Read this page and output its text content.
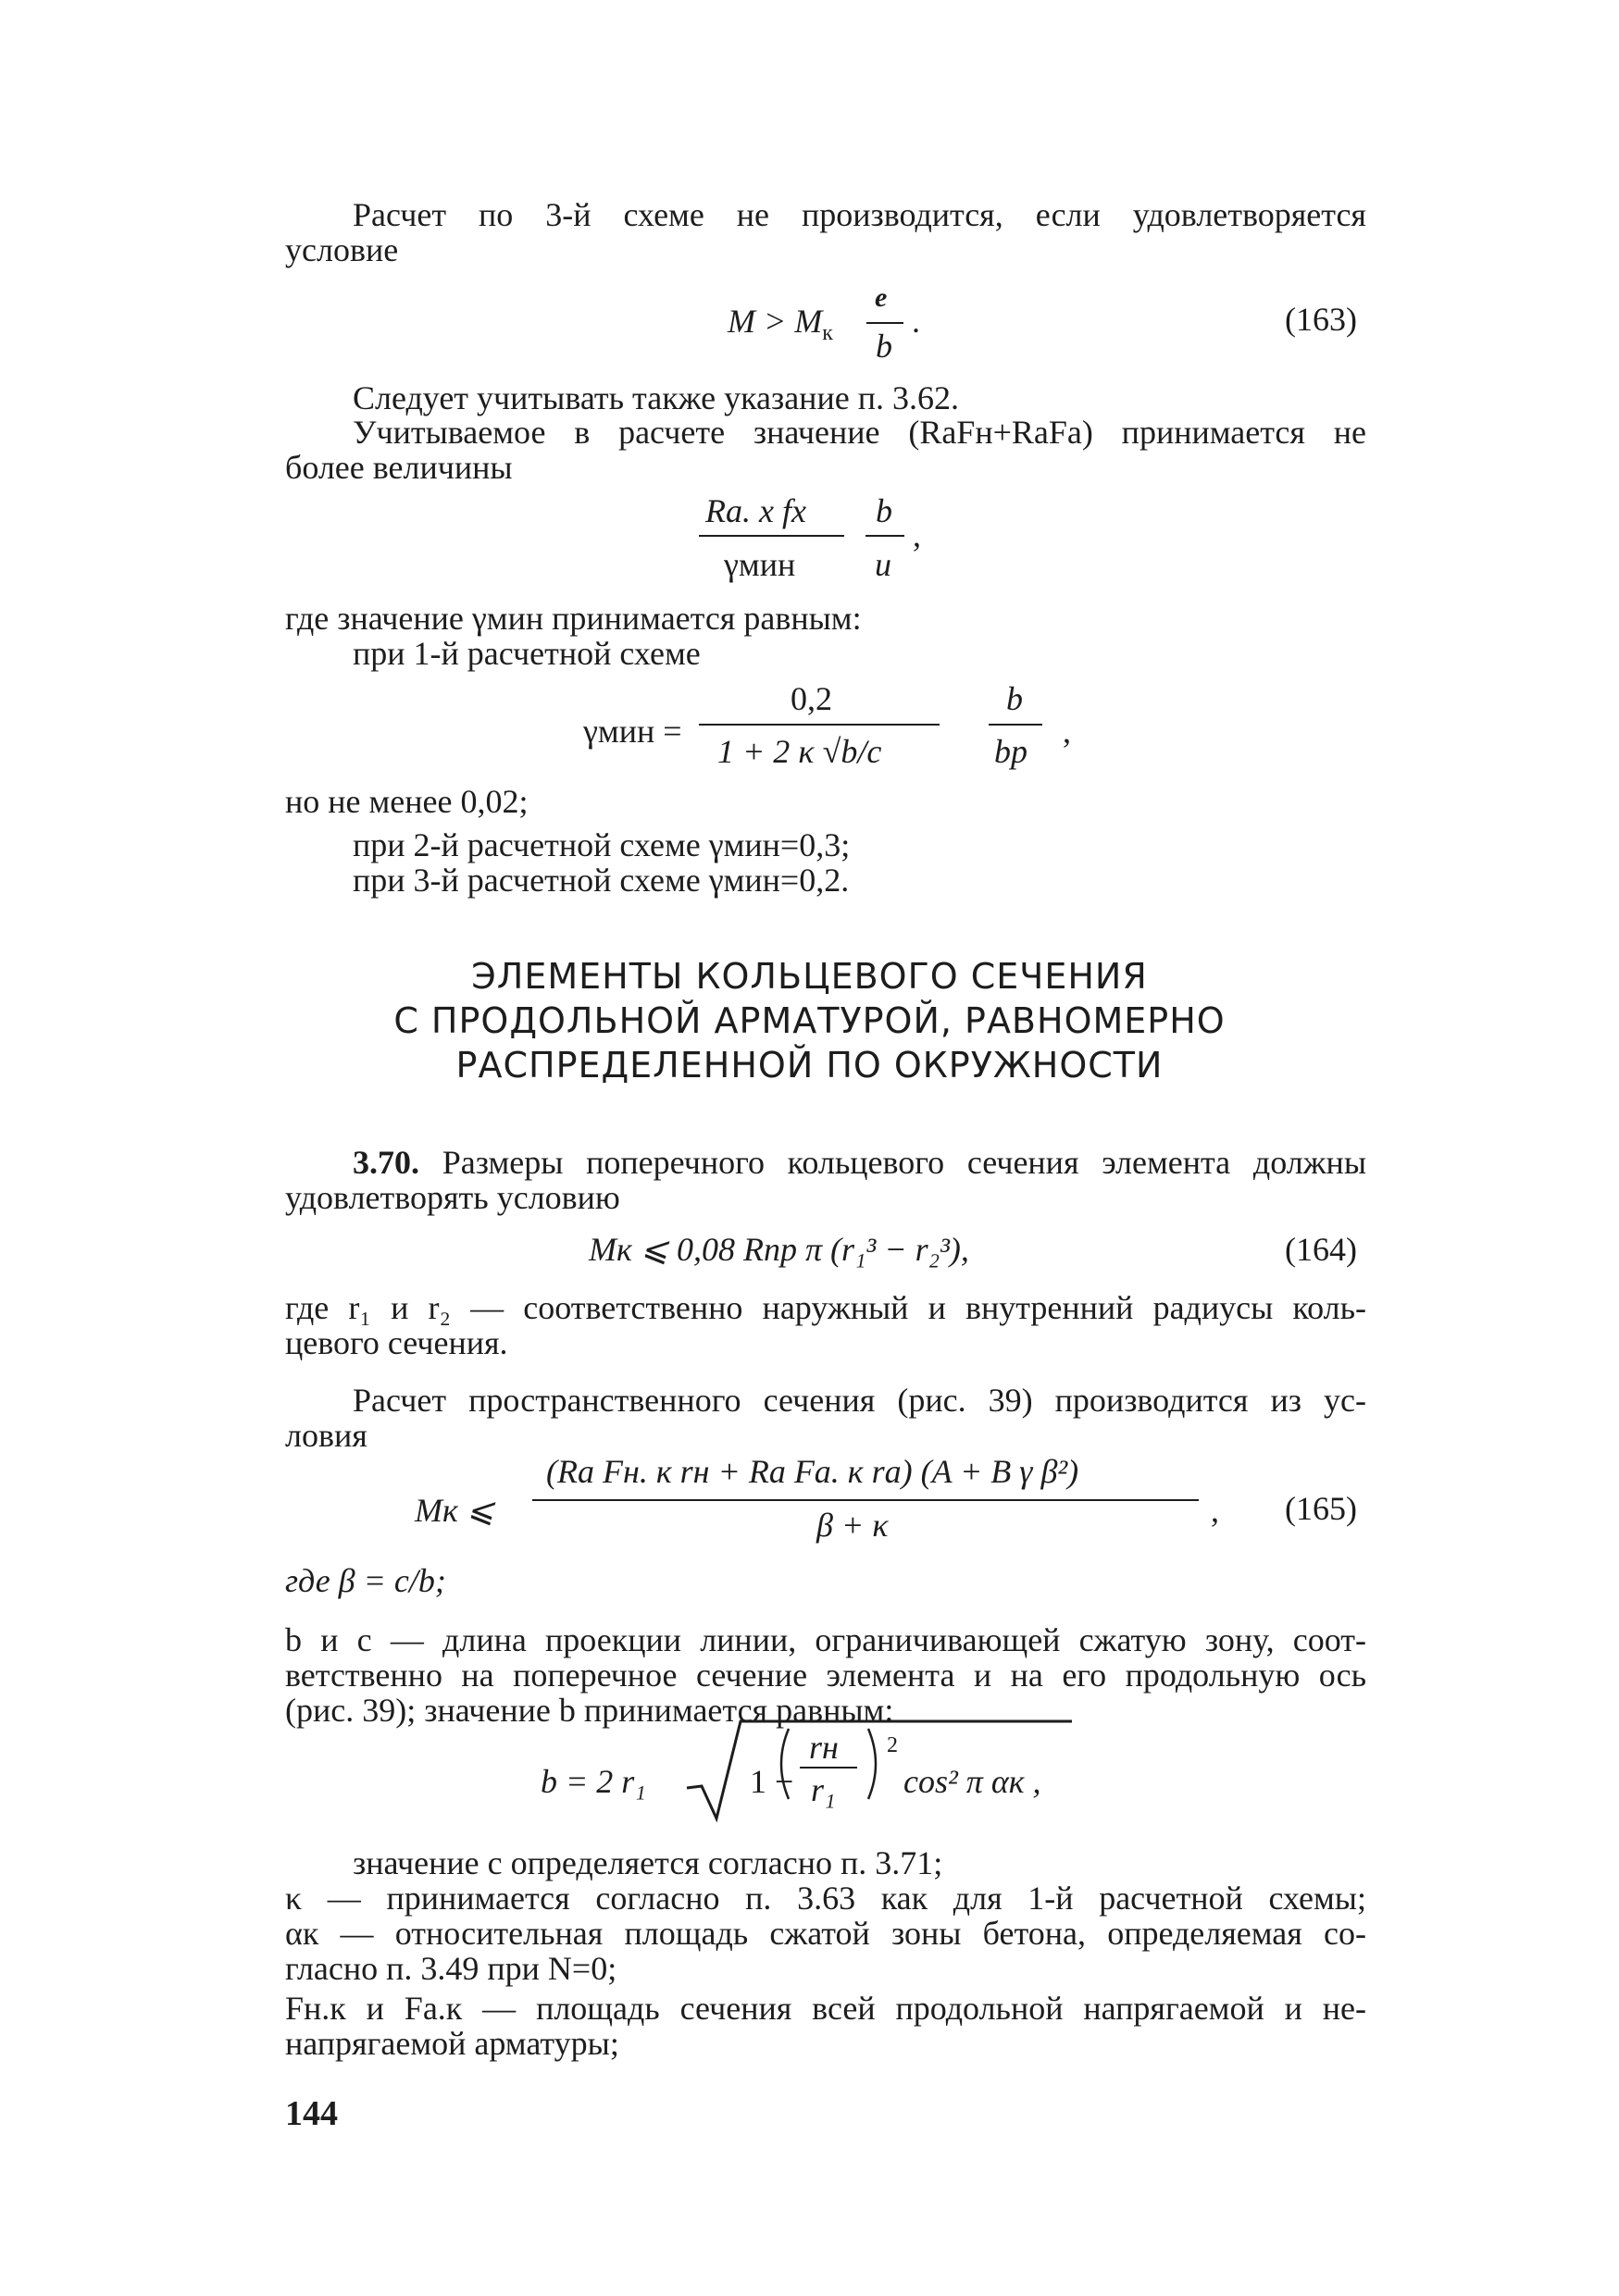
Расчет по 3-й схеме не производится, если удовлетворяется
условие
$M > M_к$
e
b
.	(163)
Следует учитывать также указание п. 3.62.
Учитываемое в расчете значение (RaFн+RaFa) принимается не
более величины
Ra. x fx
γмин
b
u
,
где значение γмин принимается равным:
при 1-й расчетной схеме
γмин =
0,2
1 + 2 κ √b/c
b
bр
,
но не менее 0,02;
при 2-й расчетной схеме γмин=0,3;
при 3-й расчетной схеме γмин=0,2.
ЭЛЕМЕНТЫ КОЛЬЦЕВОГО СЕЧЕНИЯ
С ПРОДОЛЬНОЙ АРМАТУРОЙ, РАВНОМЕРНО
РАСПРЕДЕЛЕННОЙ ПО ОКРУЖНОСТИ
3.70. Размеры поперечного кольцевого сечения элемента должны
удовлетворять условию
Mк ⩽ 0,08 Rпр π (r₁³ − r₂³),	(164)
где r₁ и r₂ — соответственно наружный и внутренний радиусы коль-
цевого сечения.
Расчет пространственного сечения (рис. 39) производится из ус-
ловия
Mк ⩽
(Ra Fн. к rн + Ra Fa. к ra) (A + B γ β²)
β + κ	, (165)
где β = c/b;
b и c — длина проекции линии, ограничивающей сжатую зону, соот-
ветственно на поперечное сечение элемента и на его продольную ось
(рис. 39); значение b принимается равным:
b = 2 r₁	1 −
rн
r₁
2
cos² π αк ,
значение c определяется согласно п. 3.71;
κ — принимается согласно п. 3.63 как для 1-й расчетной схемы;
αк — относительная площадь сжатой зоны бетона, определяемая со-
гласно п. 3.49 при N=0;
Fн.к и Fa.к — площадь сечения всей продольной напрягаемой и не-
напрягаемой арматуры;
144
